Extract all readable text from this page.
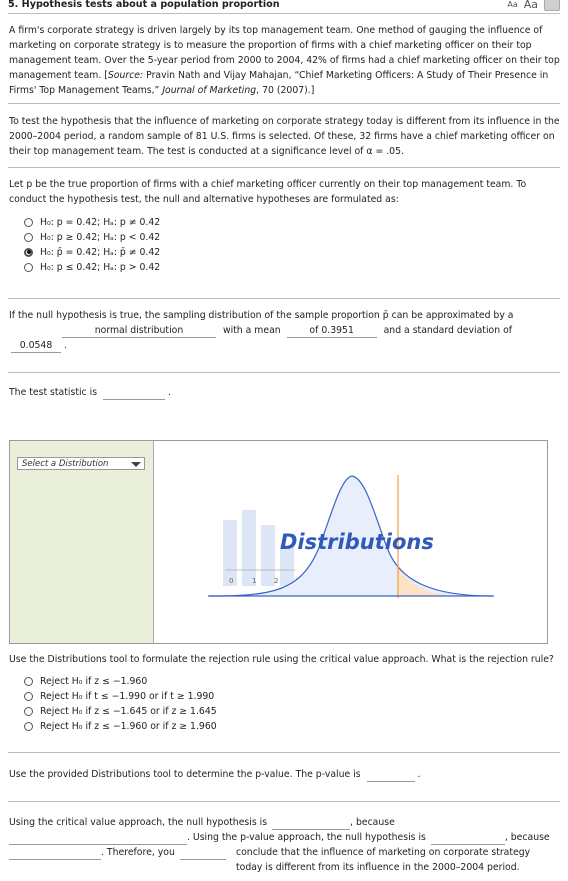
5. Hypothesis tests about a population proportion	Aa Aa

A firm's corporate strategy is driven largely by its top management team. One method of gauging the influence of marketing on corporate strategy is to measure the proportion of firms with a chief marketing officer on their top management team. Over the 5-year period from 2000 to 2004, 42% of firms had a chief marketing officer on their top management team. [Source: Pravin Nath and Vijay Mahajan, “Chief Marketing Officers: A Study of Their Presence in Firms' Top Management Teams,” Journal of Marketing, 70 (2007).]

To test the hypothesis that the influence of marketing on corporate strategy today is different from its influence in the 2000–2004 period, a random sample of 81 U.S. firms is selected. Of these, 32 firms have a chief marketing officer on their top management team. The test is conducted at a significance level of α = .05.

Let p be the true proportion of firms with a chief marketing officer currently on their top management team. To conduct the hypothesis test, the null and alternative hypotheses are formulated as:

H₀: p = 0.42; Hₐ: p ≠ 0.42
H₀: p ≥ 0.42; Hₐ: p < 0.42
H₀: p̄ = 0.42; Hₐ: p̄ ≠ 0.42
H₀: p ≤ 0.42; Hₐ: p > 0.42
If the null hypothesis is true, the sampling distribution of the sample proportion p̄ can be approximated by a
normal distribution	with a mean	of 0.3951	and a standard deviation of
0.0548 .
The test statistic is	.
Select a Distribution
0	1	2
Distributions
Use the Distributions tool to formulate the rejection rule using the critical value approach. What is the rejection rule?
Reject H₀ if z ≤ −1.960
Reject H₀ if t ≤ −1.990 or if t ≥ 1.990
Reject H₀ if z ≤ −1.645 or if z ≥ 1.645
Reject H₀ if z ≤ −1.960 or if z ≥ 1.960
Use the provided Distributions tool to determine the p-value. The p-value is	.
Using the critical value approach, the null hypothesis is	, because
. Using the p-value approach, the null hypothesis is	, because
. Therefore, you	conclude that the influence of marketing on corporate strategy today is different from its influence in the 2000–2004 period.
